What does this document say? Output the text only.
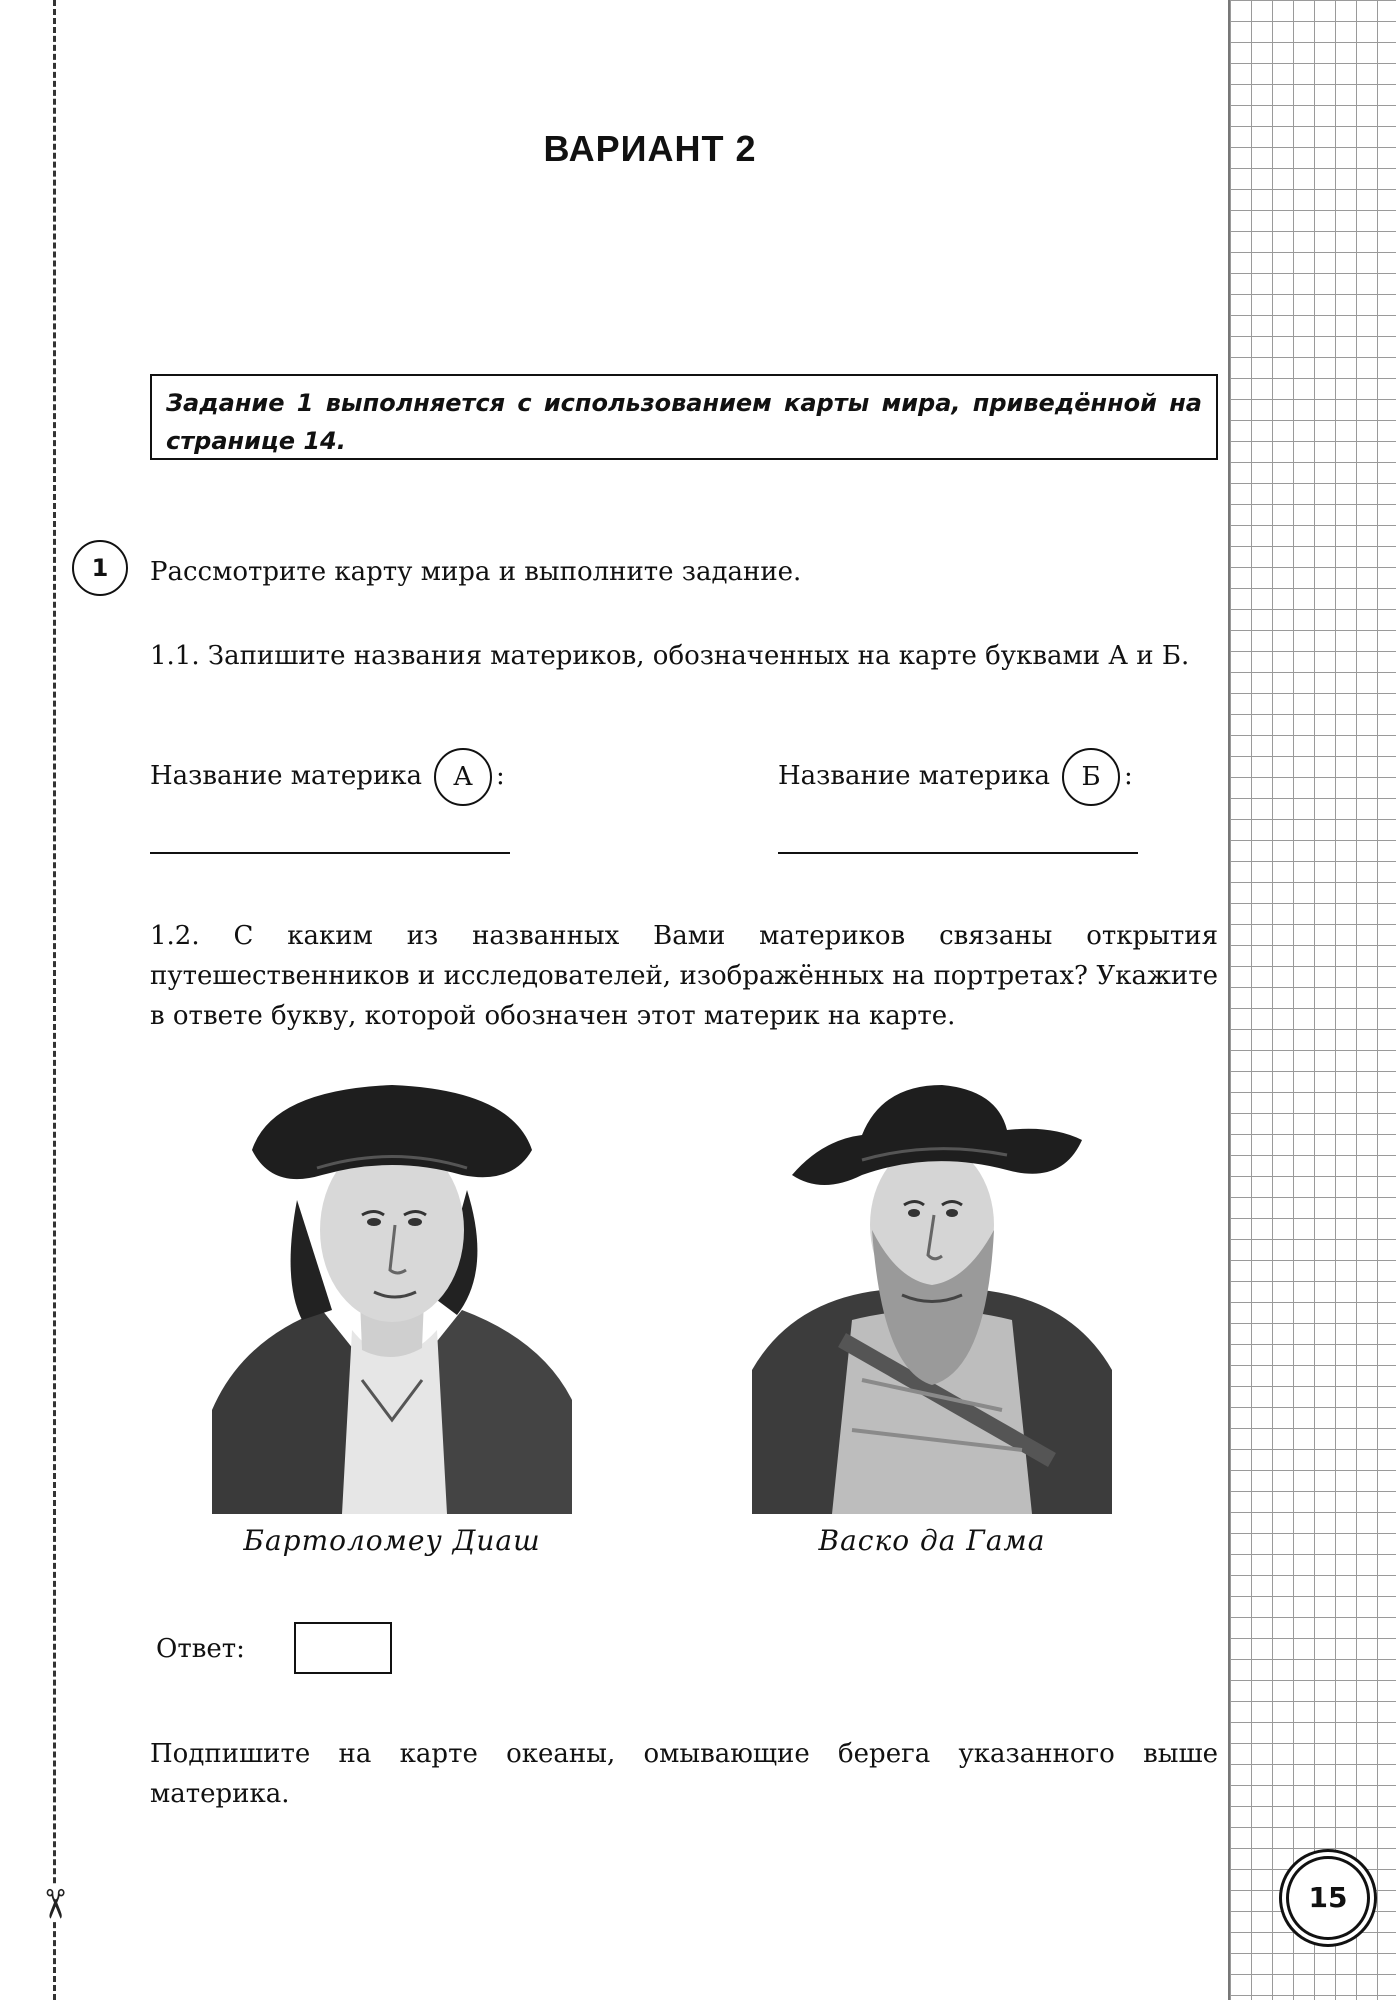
✂	15
ВАРИАНТ 2
Задание 1 выполняется с использованием карты мира, приведённой на странице 14.
1	Рассмотрите карту мира и выполните задание.
1.1. Запишите названия материков, обозначенных на карте буквами А и Б.
Название материка А :	Название материка Б :
1.2. С каким из названных Вами материков связаны открытия путешественников и исследователей, изображённых на портретах? Укажите в ответе букву, которой обозначен этот материк на карте.
Бартоломеу Диаш	Васко да Гама
Ответ:
Подпишите на карте океаны, омывающие берега указанного выше материка.
